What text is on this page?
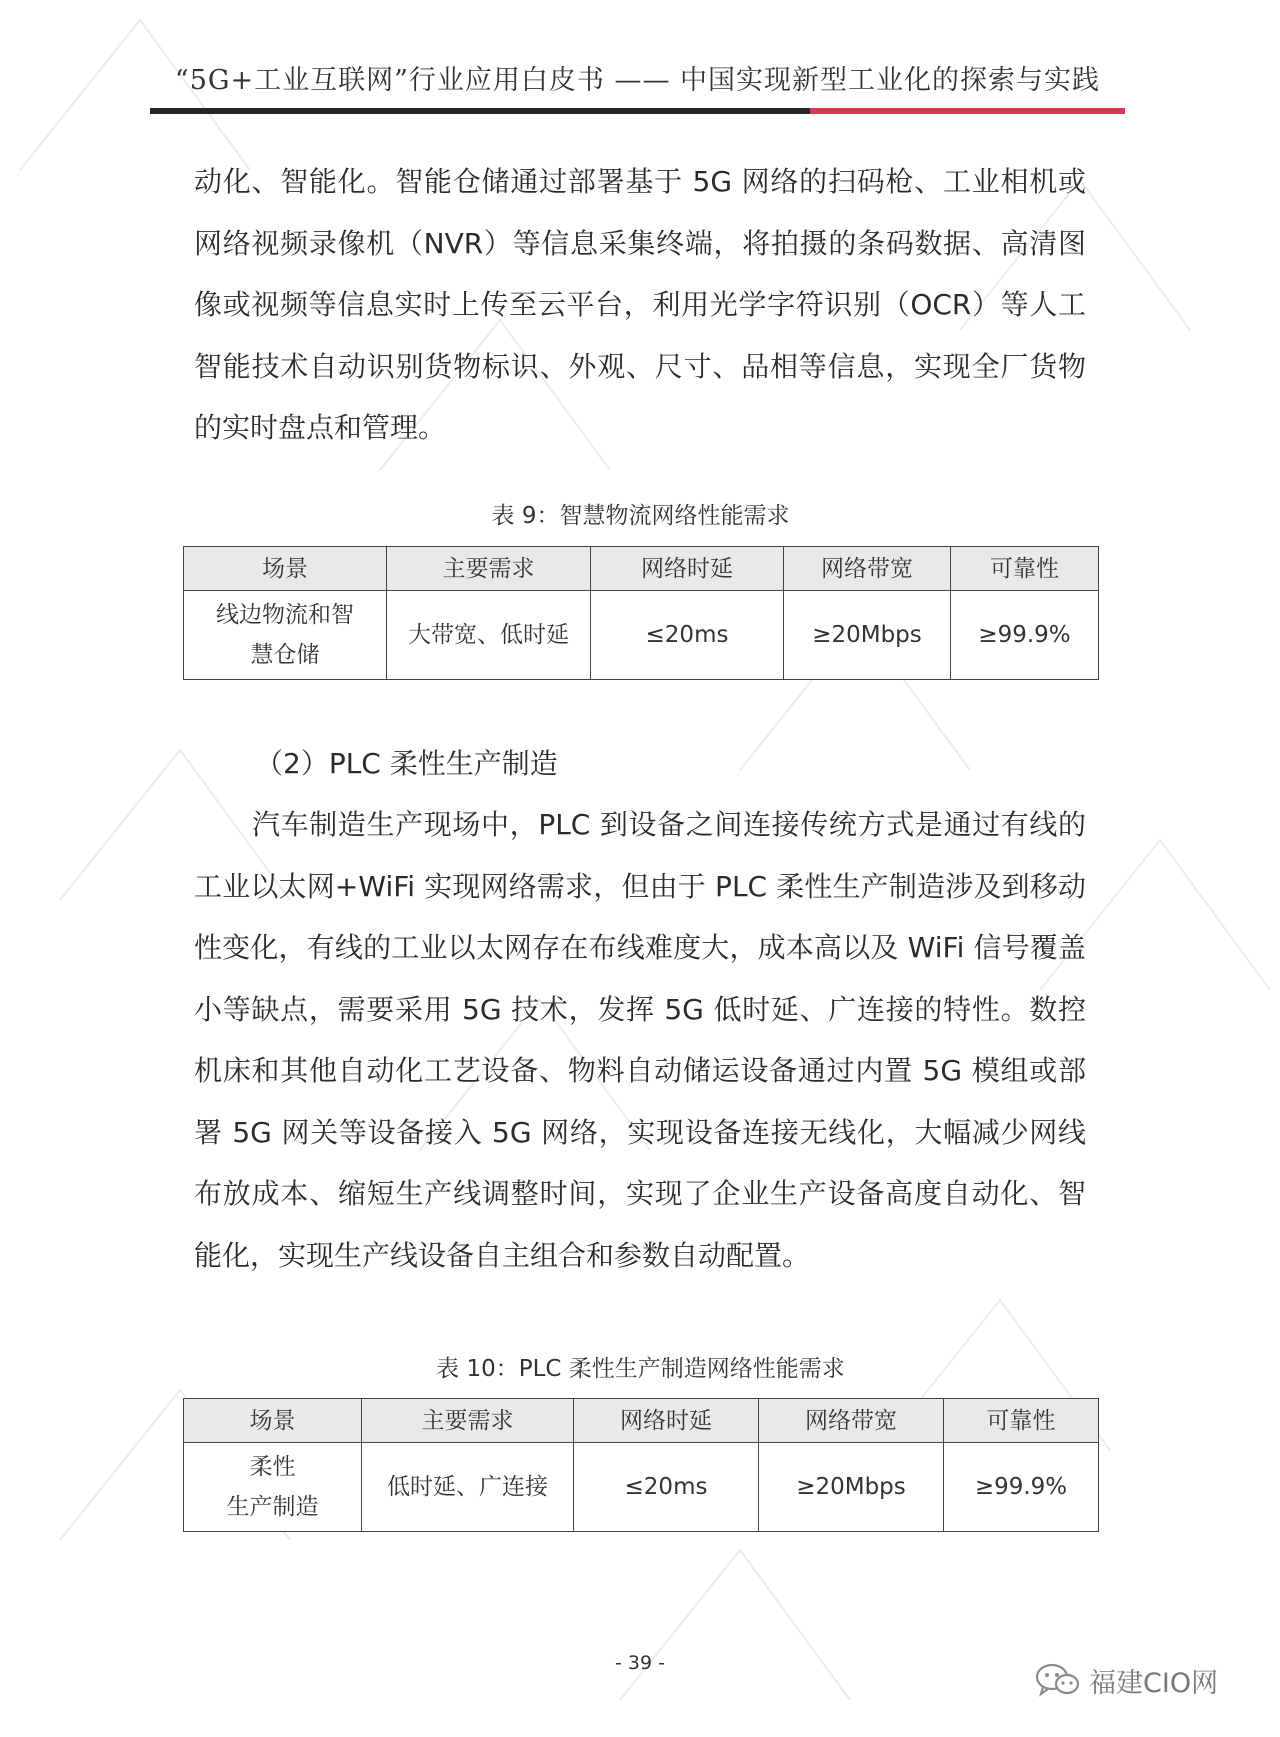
“5G+工业互联网”行业应用白皮书 —— 中国实现新型工业化的探索与实践

动化、智能化。智能仓储通过部署基于 5G 网络的扫码枪、工业相机或网络视频录像机（NVR）等信息采集终端，将拍摄的条码数据、高清图像或视频等信息实时上传至云平台，利用光学字符识别（OCR）等人工智能技术自动识别货物标识、外观、尺寸、品相等信息，实现全厂货物的实时盘点和管理。

表 9：智慧物流网络性能需求
场景	主要需求	网络时延	网络带宽	可靠性

线边物流和智
慧仓储	大带宽、低时延	≤20ms	≥20Mbps	≥99.9%

（2）PLC 柔性生产制造

汽车制造生产现场中，PLC 到设备之间连接传统方式是通过有线的工业以太网+WiFi 实现网络需求，但由于 PLC 柔性生产制造涉及到移动性变化，有线的工业以太网存在布线难度大，成本高以及 WiFi 信号覆盖小等缺点，需要采用 5G 技术，发挥 5G 低时延、广连接的特性。数控机床和其他自动化工艺设备、物料自动储运设备通过内置 5G 模组或部署 5G 网关等设备接入 5G 网络，实现设备连接无线化，大幅减少网线布放成本、缩短生产线调整时间，实现了企业生产设备高度自动化、智能化，实现生产线设备自主组合和参数自动配置。

表 10：PLC 柔性生产制造网络性能需求
场景	主要需求	网络时延	网络带宽	可靠性

柔性
生产制造	低时延、广连接	≤20ms	≥20Mbps	≥99.9%
- 39 -
福建CIO网
